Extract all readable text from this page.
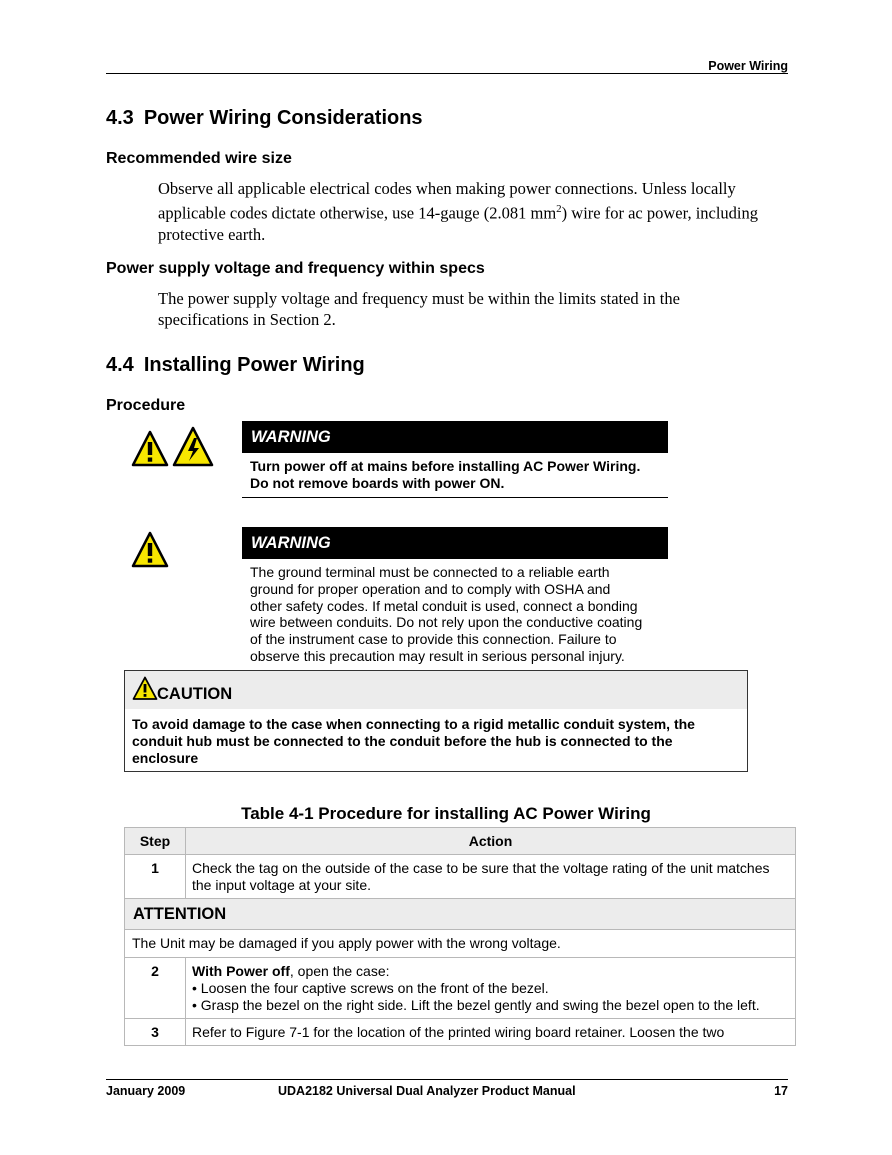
Power Wiring
4.3 Power Wiring Considerations
Recommended wire size
Observe all applicable electrical codes when making power connections. Unless locally applicable codes dictate otherwise, use 14-gauge (2.081 $mm^2$) wire for ac power, including protective earth.
Power supply voltage and frequency within specs
The power supply voltage and frequency must be within the limits stated in the specifications in Section 2.
4.4 Installing Power Wiring
Procedure
WARNING
Turn power off at mains before installing AC Power Wiring.
Do not remove boards with power ON.
WARNING
The ground terminal must be connected to a reliable earth
ground for proper operation and to comply with OSHA and
other safety codes. If metal conduit is used, connect a bonding
wire between conduits. Do not rely upon the conductive coating
of the instrument case to provide this connection. Failure to
observe this precaution may result in serious personal injury.
CAUTION
To avoid damage to the case when connecting to a rigid metallic conduit system, the conduit hub must be connected to the conduit before the hub is connected to the enclosure
Table 4-1 Procedure for installing AC Power Wiring
Step	Action
1	Check the tag on the outside of the case to be sure that the voltage rating of the unit matches the input voltage at your site.
ATTENTION	
The Unit may be damaged if you apply power with the wrong voltage.	
2	With Power off, open the case:
• Loosen the four captive screws on the front of the bezel.
• Grasp the bezel on the right side. Lift the bezel gently and swing the bezel open to the left.

3	Refer to Figure 7-1 for the location of the printed wiring board retainer. Loosen the two
January 2009	UDA2182 Universal Dual Analyzer Product Manual	17
